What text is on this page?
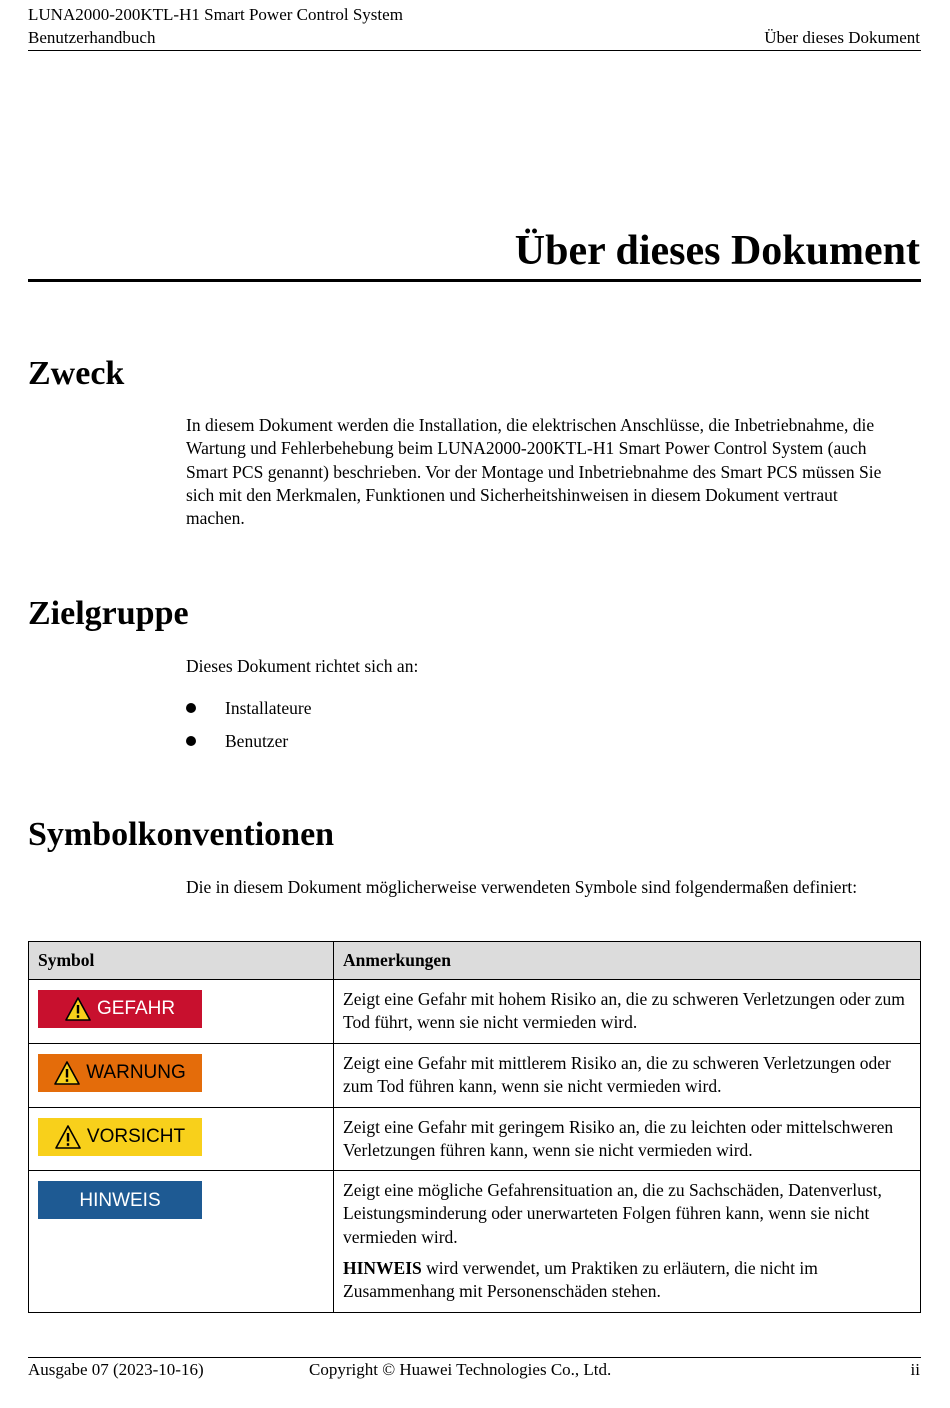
LUNA2000-200KTL-H1 Smart Power Control System
Benutzerhandbuch	Über dieses Dokument
Über dieses Dokument
Zweck

In diesem Dokument werden die Installation, die elektrischen Anschlüsse, die Inbetriebnahme, die Wartung und Fehlerbehebung beim LUNA2000-200KTL-H1 Smart Power Control System (auch Smart PCS genannt) beschrieben. Vor der Montage und Inbetriebnahme des Smart PCS müssen Sie sich mit den Merkmalen, Funktionen und Sicherheitshinweisen in diesem Dokument vertraut machen.

Zielgruppe

Dieses Dokument richtet sich an:

Installateure
Benutzer
Symbolkonventionen

Die in diesem Dokument möglicherweise verwendeten Symbole sind folgendermaßen definiert:

Symbol	Anmerkungen

GEFAHR	Zeigt eine Gefahr mit hohem Risiko an, die zu schweren Verletzungen oder zum Tod führt, wenn sie nicht vermieden wird.

WARNUNG	Zeigt eine Gefahr mit mittlerem Risiko an, die zu schweren Verletzungen oder zum Tod führen kann, wenn sie nicht vermieden wird.

VORSICHT	Zeigt eine Gefahr mit geringem Risiko an, die zu leichten oder mittelschweren Verletzungen führen kann, wenn sie nicht vermieden wird.

HINWEIS	Zeigt eine mögliche Gefahrensituation an, die zu Sachschäden, Datenverlust, Leistungsminderung oder unerwarteten Folgen führen kann, wenn sie nicht vermieden wird.

HINWEIS wird verwendet, um Praktiken zu erläutern, die nicht im Zusammenhang mit Personenschäden stehen.

Ausgabe 07 (2023-10-16)	Copyright © Huawei Technologies Co., Ltd.	ii
